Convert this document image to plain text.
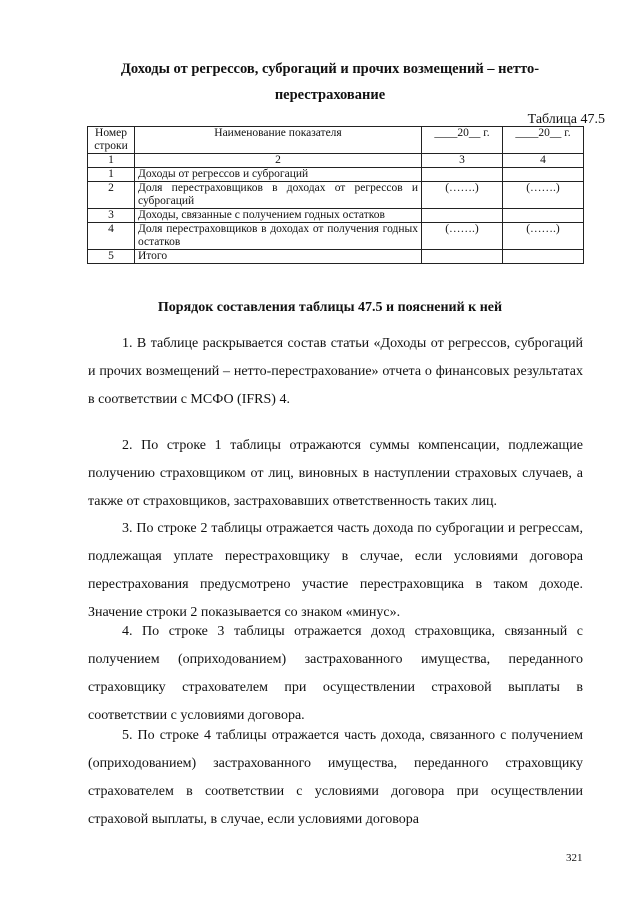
Доходы от регрессов, суброгаций и прочих возмещений – нетто-
перестрахование
Таблица 47.5
Номер строки	Наименование показателя	____20__ г.	____20__ г.
1	2	3	4
1	Доходы от регрессов и суброгаций		
2	Доля перестраховщиков в доходах от регрессов и суброгаций	(…….)	(…….)
3	Доходы, связанные с получением годных остатков		
4	Доля перестраховщиков в доходах от получения годных остатков	(…….)	(…….)
5	Итого		
Порядок составления таблицы 47.5 и пояснений к ней

1. В таблице раскрывается состав статьи «Доходы от регрессов, суброгаций и прочих возмещений – нетто-перестрахование» отчета о финансовых результатах в соответствии с МСФО (IFRS) 4.

2. По строке 1 таблицы отражаются суммы компенсации, подлежащие получению страховщиком от лиц, виновных в наступлении страховых случаев, а также от страховщиков, застраховавших ответственность таких лиц.

3. По строке 2 таблицы отражается часть дохода по суброгации и регрессам, подлежащая уплате перестраховщику в случае, если условиями договора перестрахования предусмотрено участие перестраховщика в таком доходе. Значение строки 2 показывается со знаком «минус».

4. По строке 3 таблицы отражается доход страховщика, связанный с получением (оприходованием) застрахованного имущества, переданного страховщику страхователем при осуществлении страховой выплаты в соответствии с условиями договора.

5. По строке 4 таблицы отражается часть дохода, связанного с получением (оприходованием) застрахованного имущества, переданного страховщику страхователем в соответствии с условиями договора при осуществлении страховой выплаты, в случае, если условиями договора

321
